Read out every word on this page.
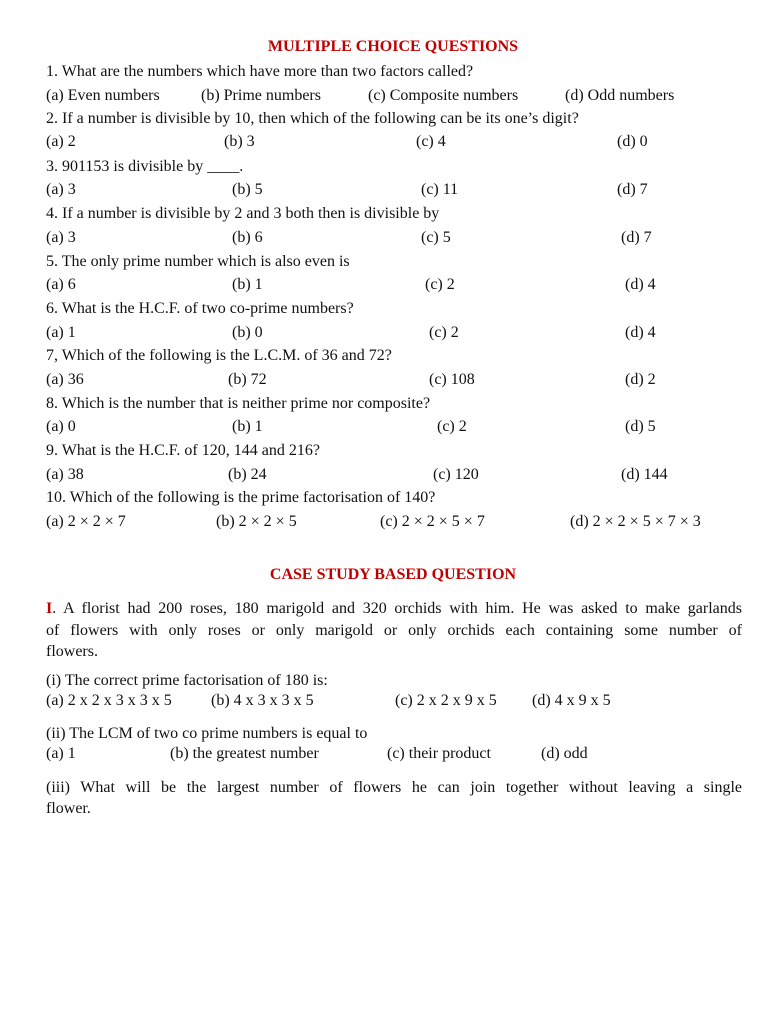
MULTIPLE CHOICE QUESTIONS
1. What are the numbers which have more than two factors called?
(a) Even numbers	(b) Prime numbers	(c) Composite numbers	(d) Odd numbers
2. If a number is divisible by 10, then which of the following can be its one’s digit?
(a) 2	(b) 3	(c) 4	(d) 0
3. 901153 is divisible by ____.
(a) 3	(b) 5	(c) 11	(d) 7
4. If a number is divisible by 2 and 3 both then is divisible by
(a) 3	(b) 6	(c) 5	(d) 7
5. The only prime number which is also even is
(a) 6	(b) 1	(c) 2	(d) 4
6. What is the H.C.F. of two co-prime numbers?
(a) 1	(b) 0	(c) 2	(d) 4
7, Which of the following is the L.C.M. of 36 and 72?
(a) 36	(b) 72	(c) 108	(d) 2
8. Which is the number that is neither prime nor composite?
(a) 0	(b) 1	(c) 2	(d) 5
9. What is the H.C.F. of 120, 144 and 216?
(a) 38	(b) 24	(c) 120	(d) 144
10. Which of the following is the prime factorisation of 140?
(a) 2 × 2 × 7	(b) 2 × 2 × 5	(c) 2 × 2 × 5 × 7	(d) 2 × 2 × 5 × 7 × 3
CASE STUDY BASED QUESTION
I. A florist had 200 roses, 180 marigold and 320 orchids with him. He was asked to make garlands
of flowers with only roses or only marigold or only orchids each containing some number of
flowers.
(i) The correct prime factorisation of 180 is:
(a) 2 x 2 x 3 x 3 x 5 (b) 4 x 3 x 3 x 5	(c) 2 x 2 x 9 x 5 (d) 4 x 9 x 5
(ii) The LCM of two co prime numbers is equal to
(a) 1	(b) the greatest number	(c) their product	(d) odd
(iii) What will be the largest number of flowers he can join together without leaving a single
flower.
